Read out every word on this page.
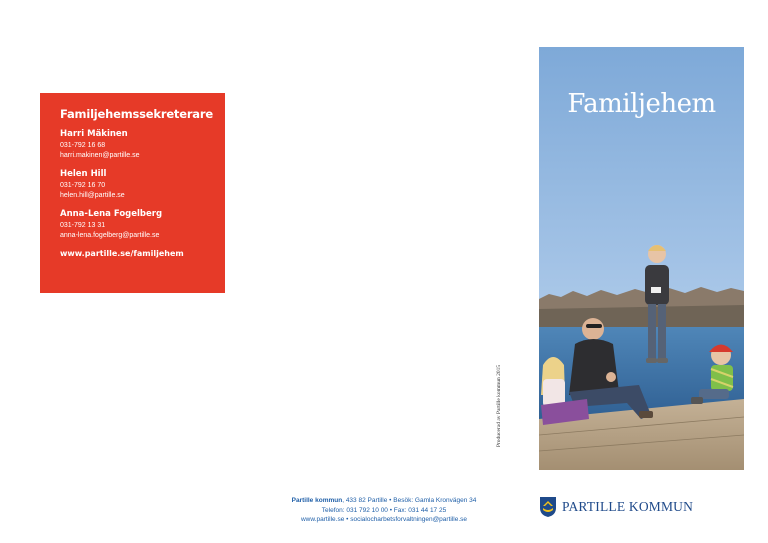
Familjehemssekreterare
Harri Mäkinen
031-792 16 68
harri.makinen@partille.se
Helen Hill
031-792 16 70
helen.hill@partille.se
Anna-Lena Fogelberg
031-792 13 31
anna-lena.fogelberg@partille.se
www.partille.se/familjehem
Producerad av Partille kommun 2015
Familjehem
Partille kommun, 433 82 Partille • Besök: Gamla Kronvägen 34
Telefon: 031 792 10 00 • Fax: 031 44 17 25
www.partille.se • socialocharbetsforvaltningen@partille.se
PARTILLE KOMMUN
